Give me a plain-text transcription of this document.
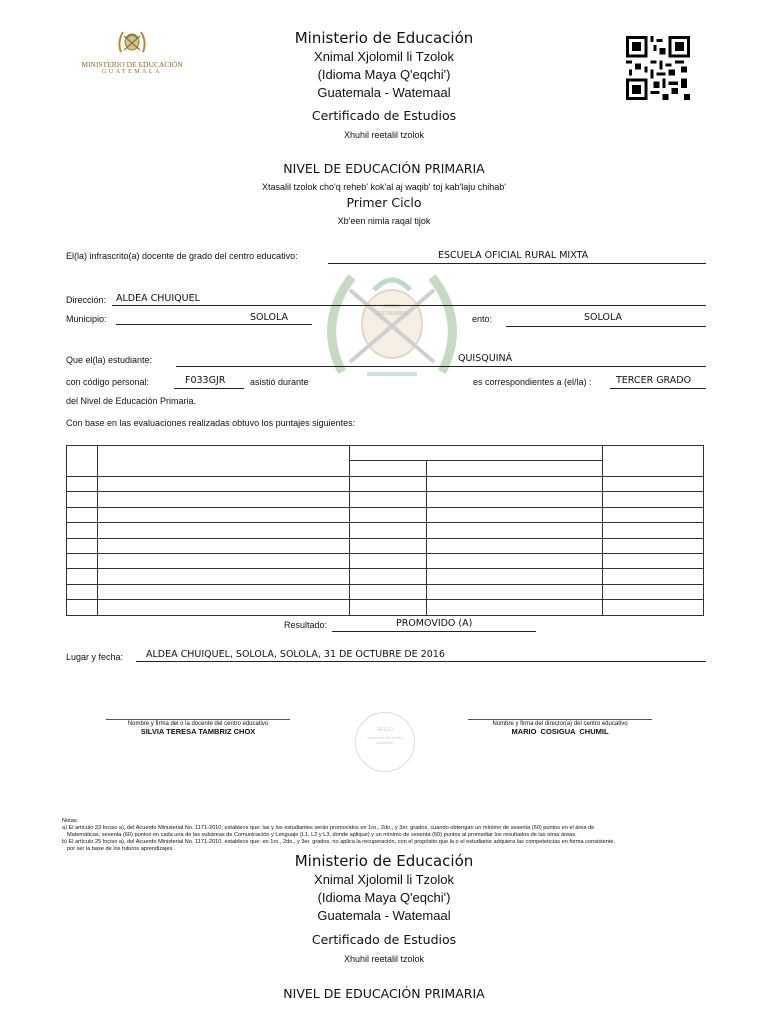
MINISTERIO DE EDUCACIÓN
GUATEMALA
Ministerio de Educación
Xnimal Xjolomil li Tzolok
(Idioma Maya Q'eqchi')
Guatemala - Watemaal
Certificado de Estudios
Xhuhil reetalil tzolok
NIVEL DE EDUCACIÓN PRIMARIA
Xtasalil tzolok cho'q reheb' kok'al aj waqib' toj kab'laju chihab'
Primer Ciclo
Xb'een nimla raqal tijok
PATRIA
SEPTIEMBRE
El(la) infrascrito(a) docente de grado del centro educativo:	ESCUELA OFICIAL RURAL MIXTA
Dirección: ALDEA CHUIQUEL
Municipio:	SOLOLA	ento:	SOLOLA
Que el(la) estudiante:	QUISQUINÁ
con código personal:	F033GJR	asistió durante	es correspondientes a (el/la) :	TERCER GRADO
del Nivel de Educación Primaria.
Con base en las evaluaciones realizadas obtuvo los puntajes siguientes:

Resultado:	PROMOVIDO (A)
Lugar y fecha: ALDEA CHUIQUEL, SOLOLA, SOLOLA, 31 DE OCTUBRE DE 2016
Nombre y firma del o la docente del centro educativo
SILVIA TERESA TAMBRIZ CHOX	SELLO
Dirección del centro
educativo
Nombre y firma del director(a) del centro educativo
MARIO COSIGUA CHUMIL
Notas:
a) El artículo 23 Inciso a), del Acuerdo Ministerial No. 1171-2010, establece que: las y los estudiantes serán promovidos en 1ro., 2do., y 3er. grados, cuando obtengan un mínimo de sesenta (60) puntos en el área de
Matemáticas, sesenta (60) puntos en cada una de las subáreas de Comunicación y Lenguaje (L1, L2 y L3, donde aplique) y un mínimo de sesenta (60) puntos al promediar los resultados de las otras áreas.
b) El artículo 25 Inciso a), del Acuerdo Ministerial No. 1171-2010, establece que: en 1ro., 2do., y 3er. grados, no aplica la recuperación, con el propósito que la o el estudiante adquiera las competencias en forma consistente,
por ser la base de los futuros aprendizajes.
Ministerio de Educación
Xnimal Xjolomil li Tzolok
(Idioma Maya Q'eqchi')
Guatemala - Watemaal
Certificado de Estudios
Xhuhil reetalil tzolok
NIVEL DE EDUCACIÓN PRIMARIA
